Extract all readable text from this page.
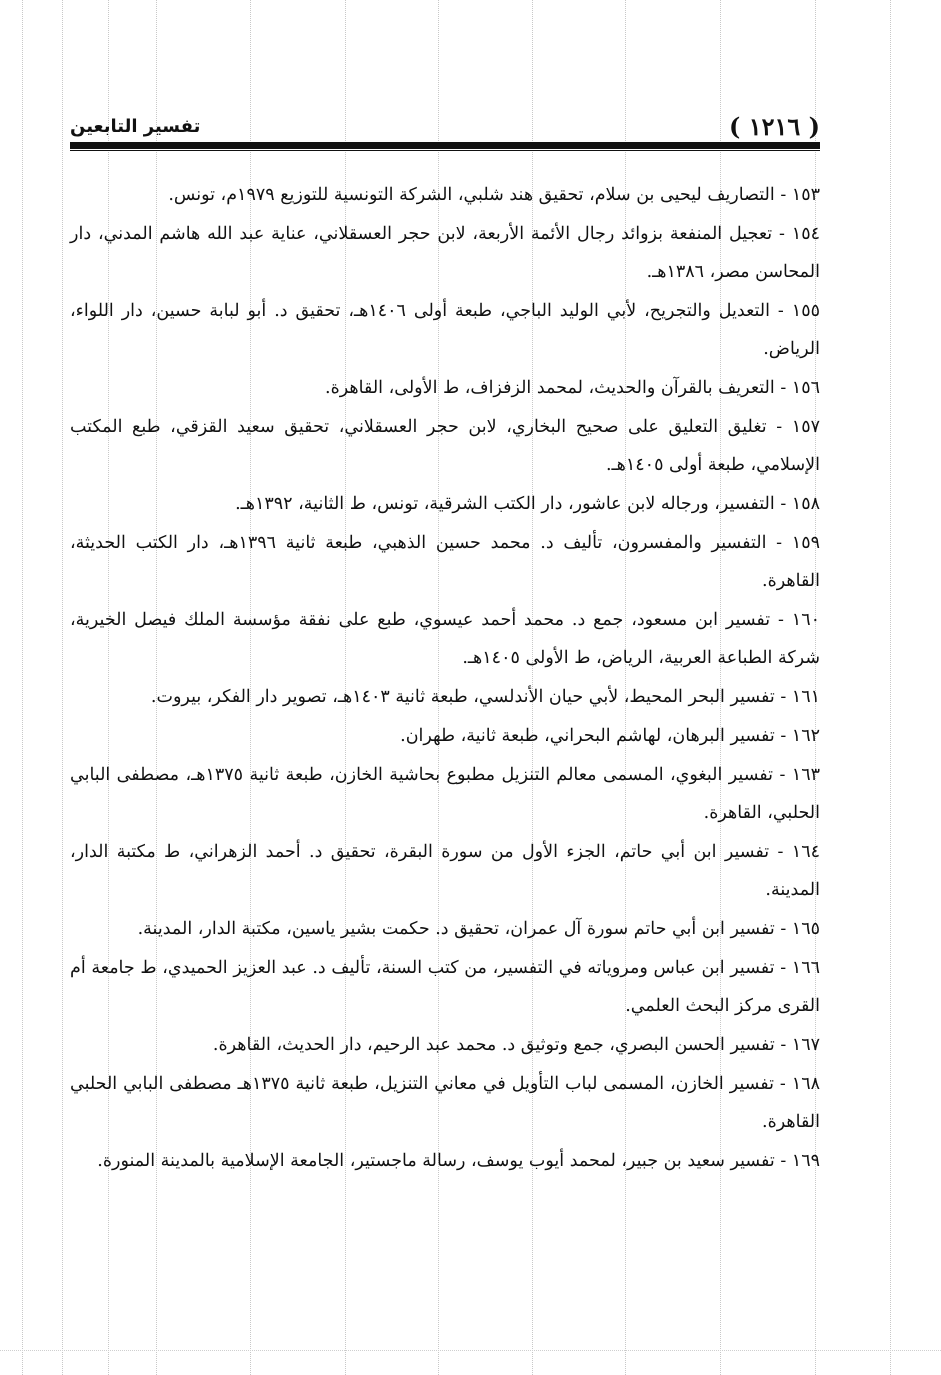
( ١٢١٦ )
تفسير التابعين
١٥٣ - التصاريف ليحيى بن سلام، تحقيق هند شلبي، الشركة التونسية للتوزيع ١٩٧٩م، تونس.
١٥٤ - تعجيل المنفعة بزوائد رجال الأئمة الأربعة، لابن حجر العسقلاني، عناية عبد الله هاشم المدني، دار المحاسن مصر، ١٣٨٦هـ.
١٥٥ - التعديل والتجريح، لأبي الوليد الباجي، طبعة أولى ١٤٠٦هـ، تحقيق د. أبو لبابة حسين، دار اللواء، الرياض.
١٥٦ - التعريف بالقرآن والحديث، لمحمد الزفزاف، ط الأولى، القاهرة.
١٥٧ - تغليق التعليق على صحيح البخاري، لابن حجر العسقلاني، تحقيق سعيد القزقي، طبع المكتب الإسلامي، طبعة أولى ١٤٠٥هـ.
١٥٨ - التفسير، ورجاله لابن عاشور، دار الكتب الشرقية، تونس، ط الثانية، ١٣٩٢هـ.
١٥٩ - التفسير والمفسرون، تأليف د. محمد حسين الذهبي، طبعة ثانية ١٣٩٦هـ، دار الكتب الحديثة، القاهرة.
١٦٠ - تفسير ابن مسعود، جمع د. محمد أحمد عيسوي، طبع على نفقة مؤسسة الملك فيصل الخيرية، شركة الطباعة العربية، الرياض، ط الأولى ١٤٠٥هـ.
١٦١ - تفسير البحر المحيط، لأبي حيان الأندلسي، طبعة ثانية ١٤٠٣هـ، تصوير دار الفكر، بيروت.
١٦٢ - تفسير البرهان، لهاشم البحراني، طبعة ثانية، طهران.
١٦٣ - تفسير البغوي، المسمى معالم التنزيل مطبوع بحاشية الخازن، طبعة ثانية ١٣٧٥هـ، مصطفى البابي الحلبي، القاهرة.
١٦٤ - تفسير ابن أبي حاتم، الجزء الأول من سورة البقرة، تحقيق د. أحمد الزهراني، ط مكتبة الدار، المدينة.
١٦٥ - تفسير ابن أبي حاتم سورة آل عمران، تحقيق د. حكمت بشير ياسين، مكتبة الدار، المدينة.
١٦٦ - تفسير ابن عباس ومروياته في التفسير، من كتب السنة، تأليف د. عبد العزيز الحميدي، ط جامعة أم القرى مركز البحث العلمي.
١٦٧ - تفسير الحسن البصري، جمع وتوثيق د. محمد عبد الرحيم، دار الحديث، القاهرة.
١٦٨ - تفسير الخازن، المسمى لباب التأويل في معاني التنزيل، طبعة ثانية ١٣٧٥هـ مصطفى البابي الحلبي القاهرة.
١٦٩ - تفسير سعيد بن جبير، لمحمد أيوب يوسف، رسالة ماجستير، الجامعة الإسلامية بالمدينة المنورة.
